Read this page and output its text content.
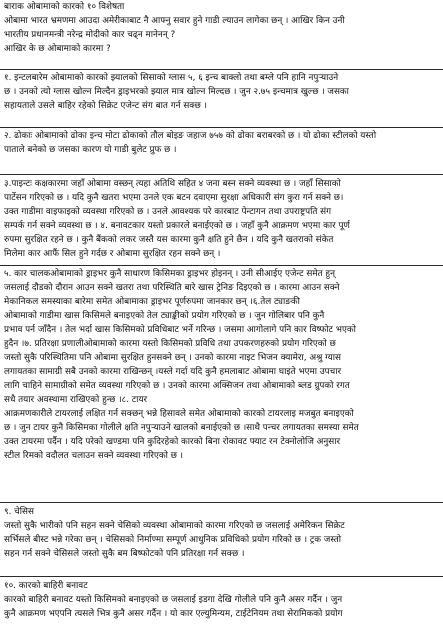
बाराक ओबामाको कारको १० विशेषता
ओबामा भारत भ्रमणमा आउदा अमेरीकाबाट नै आफ्नु सवार हुने गाडी ल्याउन लागेका छन् । आखिर किन उनी
भारतीय प्रधानमन्त्री नरेन्द्र मोदीको कार चढ्न मानेनन् ?
आखिर के छ ओबामाको कारमा ?
१. इन्टलबारेम ओबामाको कारको झ्यालको सिसाको ग्लास ५, ६ इन्च बाक्लो तथा बम्ले पनि हानि नपुर्‍याउने
छ । उनको त्यो ग्लास खोल्न मिल्दैन ड्राइभरको झ्याल मात्र खोल्न मिल्दछ । जुन २.७५ इन्चमात्र खुल्छ । जसका
सहायताले उसले बाहिर रहेको सिक्रेट एजेन्ट संग बात गर्न सक्छ ।
२. ढोकाः ओबामाको ढोका इन्च मोटा ढोकाको तौल बोइङ जहाज ७५७ को ढोका बराबरको छ । यो ढोका स्टीलको यस्तो
पाताले बनेको छ जसका कारण यो गाडी बुलेट प्रुफ छ ।
३.पाइन्टः कक्षकारमा जहाँ ओबामा वस्छन् त्यहा अतिथि सहित ४ जना बस्न सक्ने व्यवस्था छ । जहाँ सिसाको
पार्टेसन गरिएको छ । यदि कुनै खतरा भएमा उनले एक बटन दवाएमा सुरक्षा अधिकारी संग कुरा गर्न सक्ने छ।
उक्त गाडीमा वाइफाइको व्यवस्था गरिएको छ । उनले आवश्यक परे कारबाट पेन्टागन तथा उपराष्ट्रपति संग
सम्पर्क गर्न सक्ने व्यवस्था छ । ४. बनावटकार यस्तो प्रकारले बनाईएको छ । जहाँ कुनै आक्रमण भएमा कार पूर्ण
रुपमा सुरक्षित रहने छ । कुनै बैंकको लकर जस्तै यस कारमा कुनै क्षति हुने छैन । यदि कुनै खतराको संकेत
मिलेमा कार आफैं सिल हुने गर्दछ र ओबामा सुरक्षित रहन सक्ने छन् ।
५. कार चालकओबामाको ड्राइभर कुनै साधारण किसिमका ड्राइभर होइनन् । उनी सीआईए एजेन्ट समेत हुन्
जसलाई दौडको दौरान आउन सक्ने खतरा तथा परिस्थिति बारे खास ट्रेनिङ दिइएको छ । कारमा आउन सक्ने
मेकानिकल समस्याका बारेमा समेत ओबामाका ड्राइभर पूर्णरुपमा जानकार छन् ।६.तेल ट्याङकी
ओबामाको गाडीमा खास किसिमले बनाइएको तेल ट्याङ्कीको प्रयोग गरिएको छ । जुन गोलिबार पनि कुनै
प्रभाव पर्न जाँदैन । तेल भर्दा खास किसिमको प्रविधिबाट भर्ने गरिन्छ । जसमा आगोलागे पनि कार विष्फोट भएको
हुदैन ।७. प्रतिरक्षा प्रणालीओबामाको कारमा यस्तो किसिमको प्रविधि तथा उपकरणहरुको प्रयोग गरिएको छ
जस्तो सुकै परिस्थितिमा पनि ओबामा सुरक्षित हुनसक्ने छन् । उनको कारमा नाइट भिजन क्यामेरा, अश्रु ग्यास
लगायतका सामाग्री सबै उनको कारमा राखिन्छन् ।यस्ले गर्दा यदि कुनै हमलाबाट ओबामा घाइते भएमा उपचार
लागि चाहिने सामाग्रीको समेत व्यवस्था गरिएको छ । उनको कारमा अक्सिजन तथा ओबामाको ब्लड ग्रुपको रगत
सधै तयार अवस्थामा राखिएको हुन्छ ।८. टायर
आक्रमणकारीले टायरलाई लक्षित गर्न सक्छन् भन्ने हिसावले समेत ओबामाको कारको टायरलाइ मजबुत बनाइएको
छ । जुन टायर कुनै किसिमका गोलीले क्षति नपुर्‍याउने खालको बनाईएको छ ।साथै पन्चर लगायतका समस्या समेत
उक्त टायरमा पर्दैन । यदि परेको खण्डमा पनि कुदिरहेको कारको बिना रोकावट फ्याट रन टेक्नोलोजि अनुसार
स्टील रिमको वदौलत चलाउन सक्ने व्यवस्था गरिएको छ ।
९. चेसिस
जस्तो सुकै भारीको पनि सहन सक्ने चेसिको व्यवस्था ओबामाको कारमा गरिएको छ जसलाई अमेरिकन सिक्रेट
सर्भिसले बीस्ट भन्ने गरेका छन् । चेसिसको निर्माण्मा सम्पूर्ण आधुनिक प्रविधिको प्रयोग गरिको छ । ट्रक जस्तो
सहन गर्न सक्ने चेसिसले जस्तो सुकै बम बिष्फोटको पनि प्रतिरक्षा गर्न सक्छ ।
१०. कारको बाहिरी बनावट
कारको बाहिरी बनावट यस्तो किसिमको बनाइएको छ जसलाई इडगा देखि गोलीले पनि कुनै असर गर्दैन । जुन
कुनै आक्रमण भएपनि त्यसले भित्र कुनै असर गर्दैन । यो कार एल्युमिन्यम, टाईटेनियम तथा सेरामिकको प्रयोग
